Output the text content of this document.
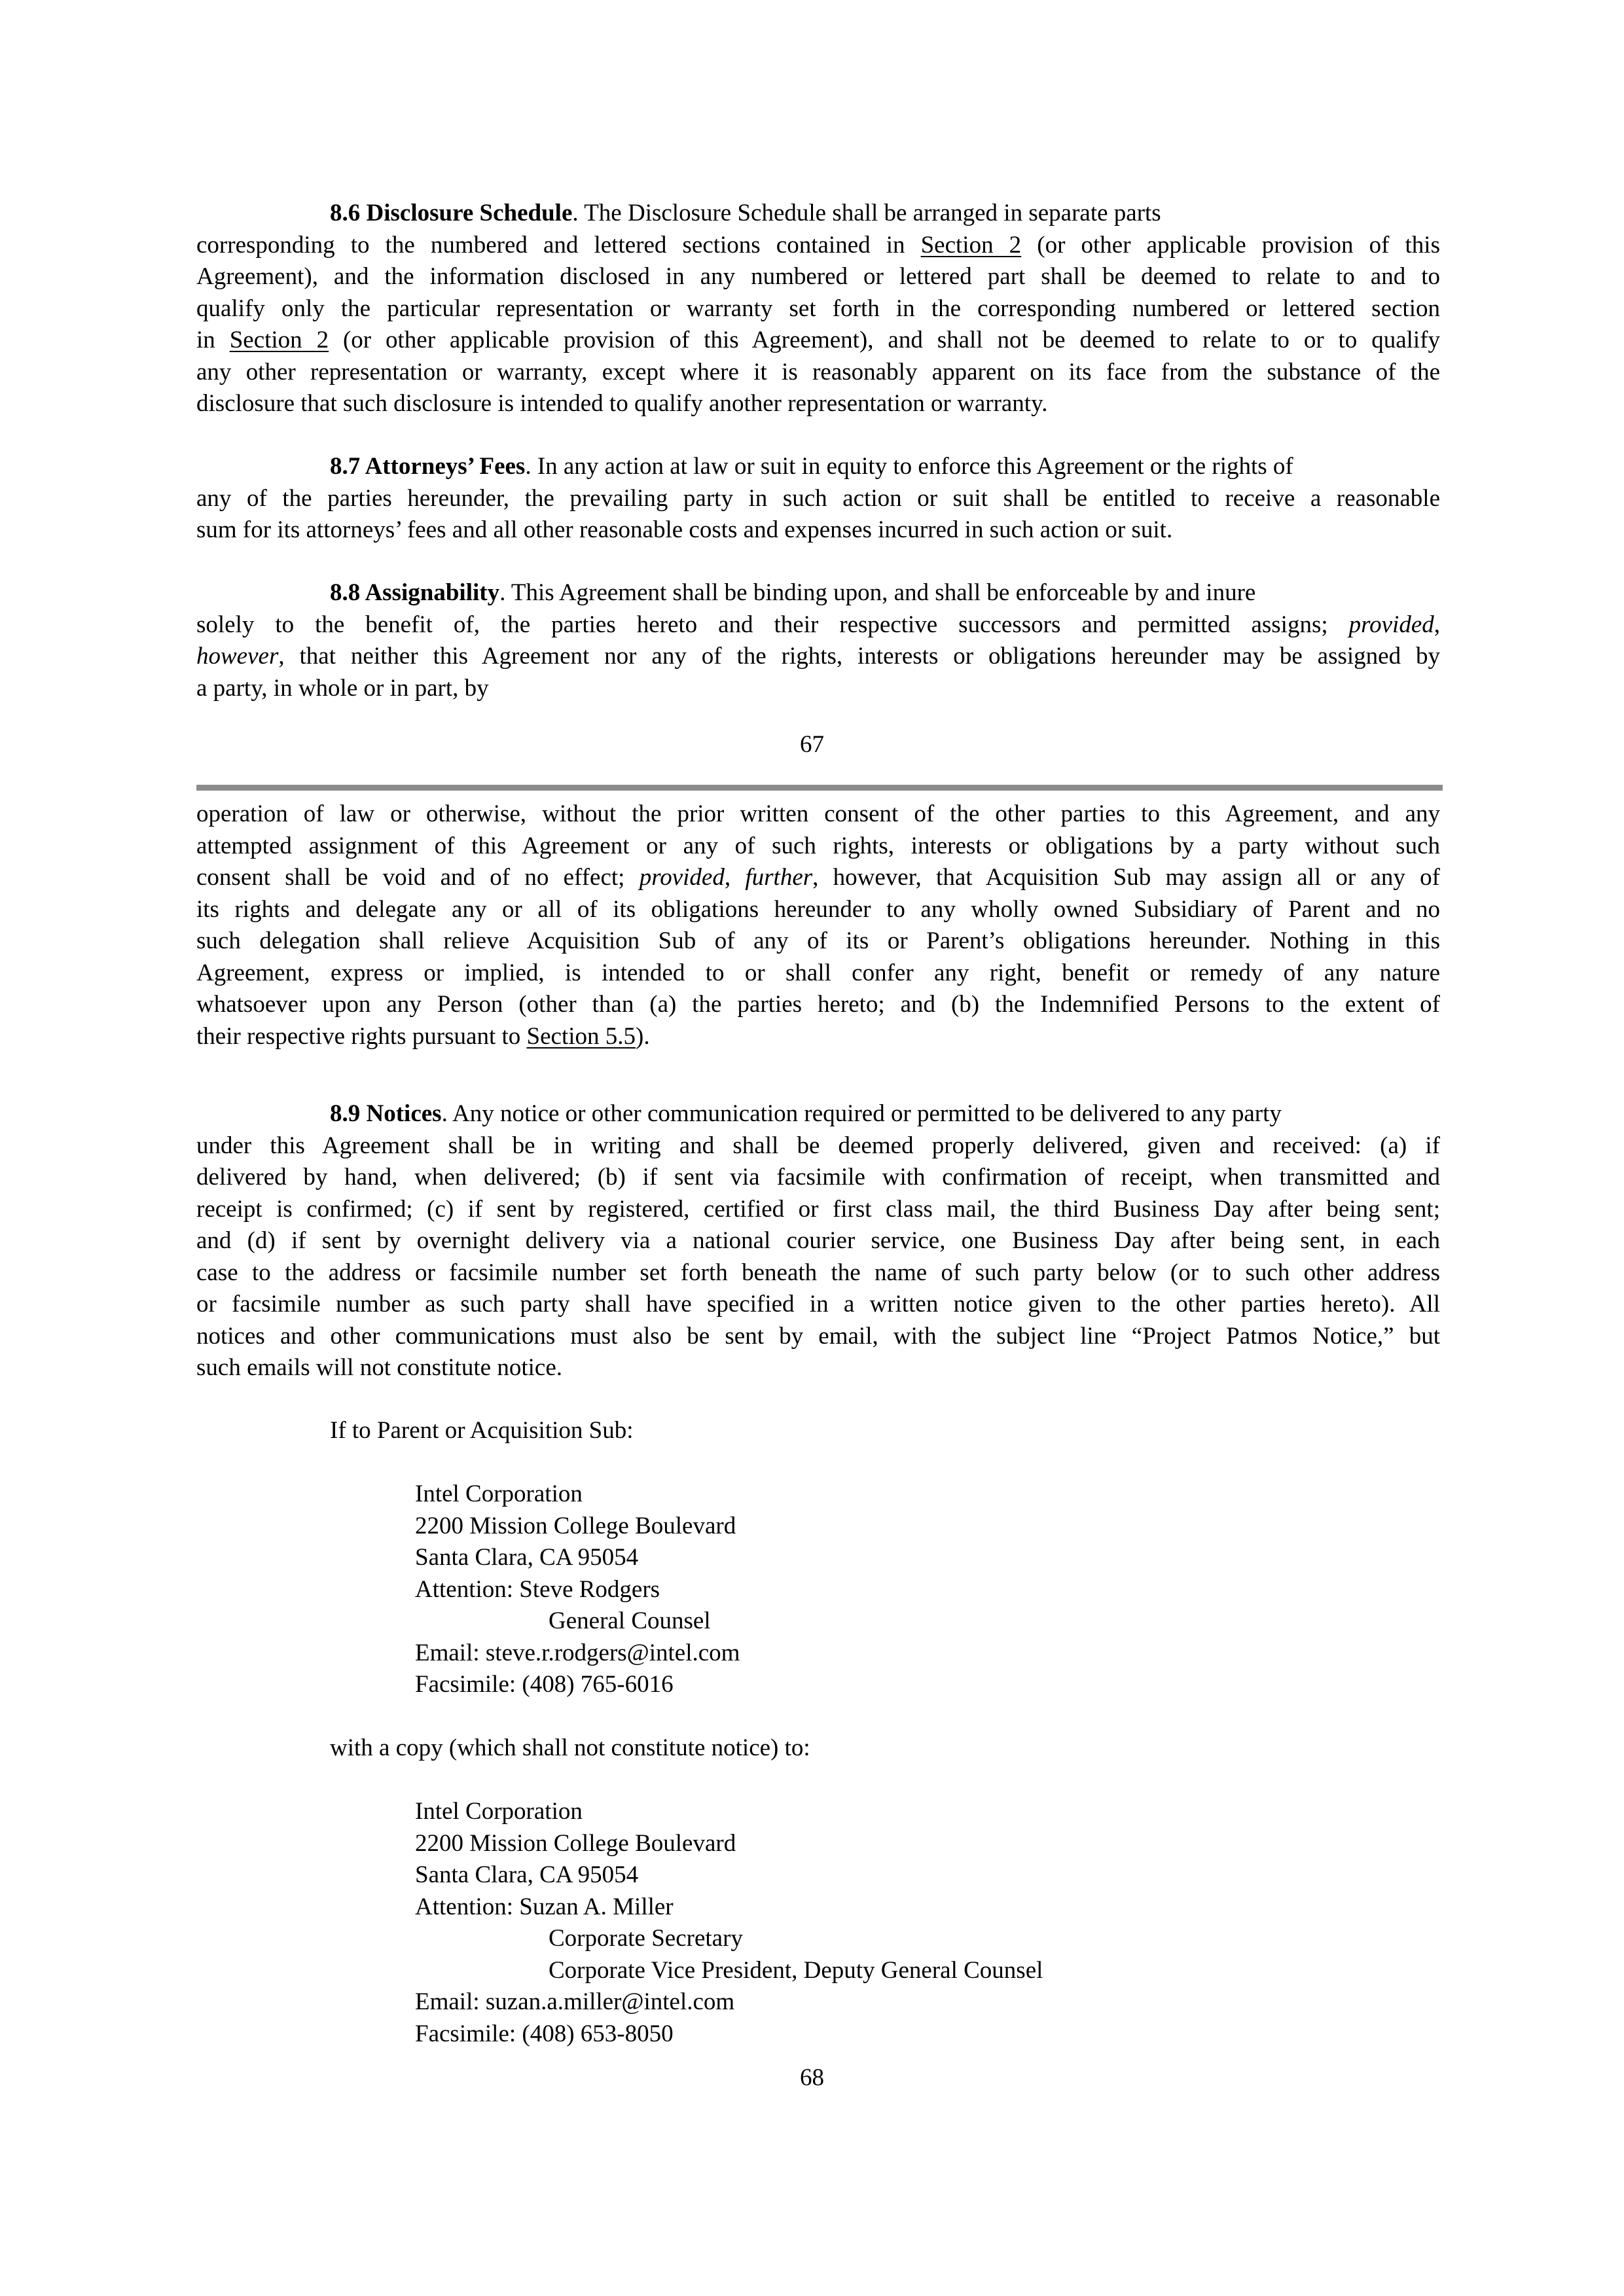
8.6 Disclosure Schedule. The Disclosure Schedule shall be arranged in separate parts
corresponding to the numbered and lettered sections contained in Section 2 (or other applicable provision of this
Agreement), and the information disclosed in any numbered or lettered part shall be deemed to relate to and to
qualify only the particular representation or warranty set forth in the corresponding numbered or lettered section
in Section 2 (or other applicable provision of this Agreement), and shall not be deemed to relate to or to qualify
any other representation or warranty, except where it is reasonably apparent on its face from the substance of the
disclosure that such disclosure is intended to qualify another representation or warranty.
8.7 Attorneys’ Fees. In any action at law or suit in equity to enforce this Agreement or the rights of
any of the parties hereunder, the prevailing party in such action or suit shall be entitled to receive a reasonable
sum for its attorneys’ fees and all other reasonable costs and expenses incurred in such action or suit.
8.8 Assignability. This Agreement shall be binding upon, and shall be enforceable by and inure
solely to the benefit of, the parties hereto and their respective successors and permitted assigns; provided,
however, that neither this Agreement nor any of the rights, interests or obligations hereunder may be assigned by
a party, in whole or in part, by
67
operation of law or otherwise, without the prior written consent of the other parties to this Agreement, and any
attempted assignment of this Agreement or any of such rights, interests or obligations by a party without such
consent shall be void and of no effect; provided, further, however, that Acquisition Sub may assign all or any of
its rights and delegate any or all of its obligations hereunder to any wholly owned Subsidiary of Parent and no
such delegation shall relieve Acquisition Sub of any of its or Parent’s obligations hereunder. Nothing in this
Agreement, express or implied, is intended to or shall confer any right, benefit or remedy of any nature
whatsoever upon any Person (other than (a) the parties hereto; and (b) the Indemnified Persons to the extent of
their respective rights pursuant to Section 5.5).
8.9 Notices. Any notice or other communication required or permitted to be delivered to any party
under this Agreement shall be in writing and shall be deemed properly delivered, given and received: (a) if
delivered by hand, when delivered; (b) if sent via facsimile with confirmation of receipt, when transmitted and
receipt is confirmed; (c) if sent by registered, certified or first class mail, the third Business Day after being sent;
and (d) if sent by overnight delivery via a national courier service, one Business Day after being sent, in each
case to the address or facsimile number set forth beneath the name of such party below (or to such other address
or facsimile number as such party shall have specified in a written notice given to the other parties hereto). All
notices and other communications must also be sent by email, with the subject line “Project Patmos Notice,” but
such emails will not constitute notice.
If to Parent or Acquisition Sub:
Intel Corporation
2200 Mission College Boulevard
Santa Clara, CA 95054
Attention: Steve Rodgers
General Counsel
Email: steve.r.rodgers@intel.com
Facsimile: (408) 765-6016
with a copy (which shall not constitute notice) to:
Intel Corporation
2200 Mission College Boulevard
Santa Clara, CA 95054
Attention: Suzan A. Miller
Corporate Secretary
Corporate Vice President, Deputy General Counsel
Email: suzan.a.miller@intel.com
Facsimile: (408) 653-8050
68
